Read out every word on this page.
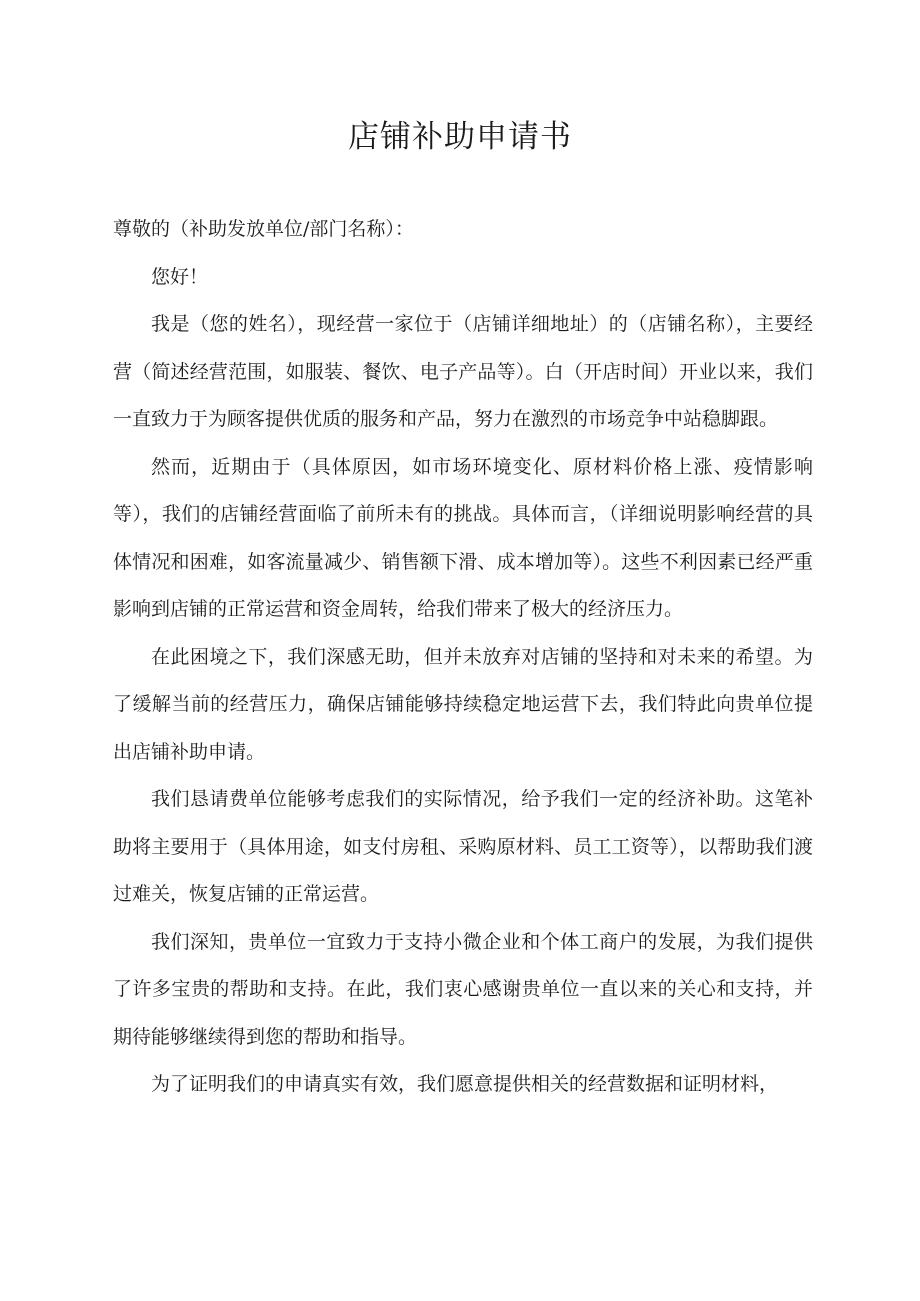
店铺补助申请书

尊敬的（补助发放单位/部门名称）：

您好！

我是（您的姓名），现经营一家位于（店铺详细地址）的（店铺名称），主要经营（简述经营范围，如服装、餐饮、电子产品等）。白（开店时间）开业以来，我们一直致力于为顾客提供优质的服务和产品，努力在激烈的市场竞争中站稳脚跟。

然而，近期由于（具体原因，如市场环境变化、原材料价格上涨、疫情影响等），我们的店铺经营面临了前所未有的挑战。具体而言，（详细说明影响经营的具体情况和困难，如客流量减少、销售额下滑、成本增加等）。这些不利因素已经严重影响到店铺的正常运营和资金周转，给我们带来了极大的经济压力。

在此困境之下，我们深感无助，但并未放弃对店铺的坚持和对未来的希望。为了缓解当前的经营压力，确保店铺能够持续稳定地运营下去，我们特此向贵单位提出店铺补助申请。

我们恳请费单位能够考虑我们的实际情况，给予我们一定的经济补助。这笔补助将主要用于（具体用途，如支付房租、采购原材料、员工工资等），以帮助我们渡过难关，恢复店铺的正常运营。

我们深知，贵单位一宜致力于支持小微企业和个体工商户的发展，为我们提供了许多宝贵的帮助和支持。在此，我们衷心感谢贵单位一直以来的关心和支持，并期待能够继续得到您的帮助和指导。

为了证明我们的申请真实有效，我们愿意提供相关的经营数据和证明材料，
